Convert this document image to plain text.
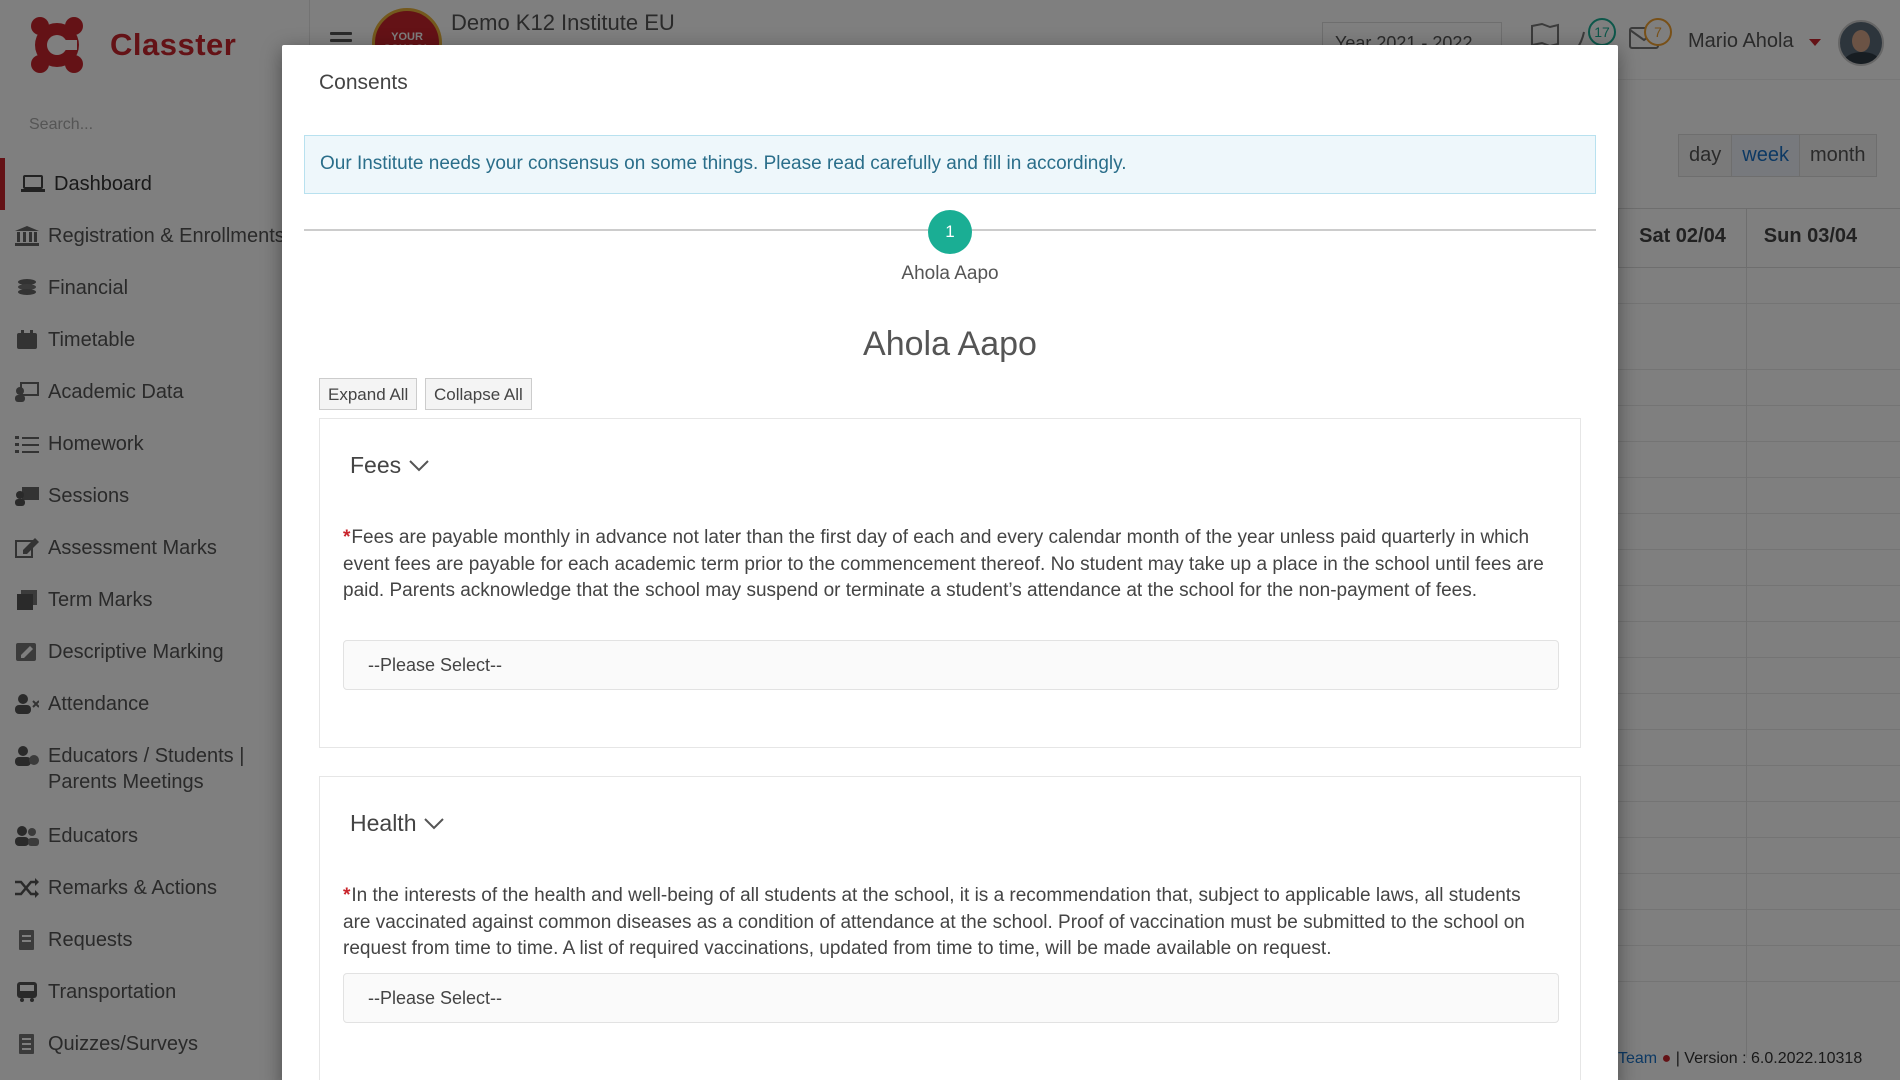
Search...
Consents
Our Institute needs your consensus on some things. Please read carefully and fill in accordingly.
1
Ahola Aapo
Ahola Aapo
Expand All	Collapse All
Fees
*Fees are payable monthly in advance not later than the first day of each and every calendar month of the year unless paid quarterly in which event fees are payable for each academic term prior to the commencement thereof. No student may take up a place in the school until fees are paid. Parents acknowledge that the school may suspend or terminate a student’s attendance at the school for the non-payment of fees.
--Please Select--
Health
*In the interests of the health and well-being of all students at the school, it is a recommendation that, subject to applicable laws, all students are vaccinated against common diseases as a condition of attendance at the school. Proof of vaccination must be submitted to the school on request from time to time. A list of required vaccinations, updated from time to time, will be made available on request.
--Please Select--
